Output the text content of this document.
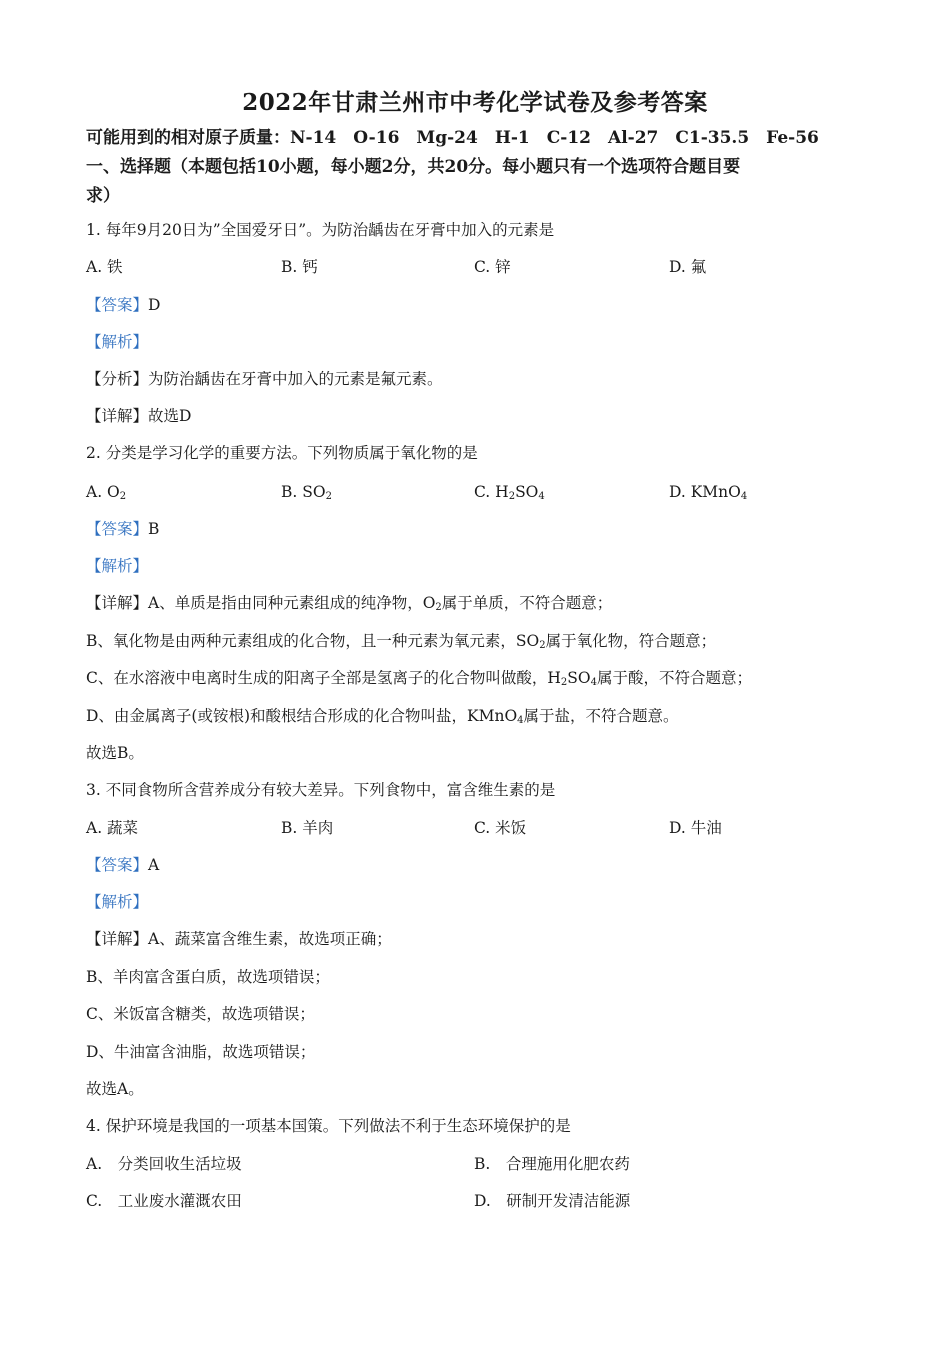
2022年甘肃兰州市中考化学试卷及参考答案
可能用到的相对原子质量：N-14　O-16　Mg-24　H-1　C-12　Al-27　C1-35.5　Fe-56
一、选择题（本题包括10小题，每小题2分，共20分。每小题只有一个选项符合题目要
求）
1. 每年9月20日为”全国爱牙日”。为防治龋齿在牙膏中加入的元素是
A. 铁	B. 钙	C. 锌	D. 氟
【答案】D
【解析】
【分析】为防治龋齿在牙膏中加入的元素是氟元素。
【详解】故选D
2. 分类是学习化学的重要方法。下列物质属于氧化物的是
A. $O_2$	B. $SO_2$	C. $H_2SO_4$	D. KMnO$_4$
【答案】B
【解析】
【详解】A、单质是指由同种元素组成的纯净物，$O_2$属于单质，不符合题意；
B、氧化物是由两种元素组成的化合物，且一种元素为氧元素，$SO_2$属于氧化物，符合题意；
C、在水溶液中电离时生成的阳离子全部是氢离子的化合物叫做酸，$H_2SO_4$属于酸，不符合题意；
D、由金属离子(或铵根)和酸根结合形成的化合物叫盐，KMnO$_4$属于盐，不符合题意。
故选B。
3. 不同食物所含营养成分有较大差异。下列食物中，富含维生素的是
A. 蔬菜	B. 羊肉	C. 米饭	D. 牛油
【答案】A
【解析】
【详解】A、蔬菜富含维生素，故选项正确；
B、羊肉富含蛋白质，故选项错误；
C、米饭富含糖类，故选项错误；
D、牛油富含油脂，故选项错误；
故选A。
4. 保护环境是我国的一项基本国策。下列做法不利于生态环境保护的是
A.　分类回收生活垃圾	B.　合理施用化肥农药
C.　工业废水灌溉农田	D.　研制开发清洁能源
